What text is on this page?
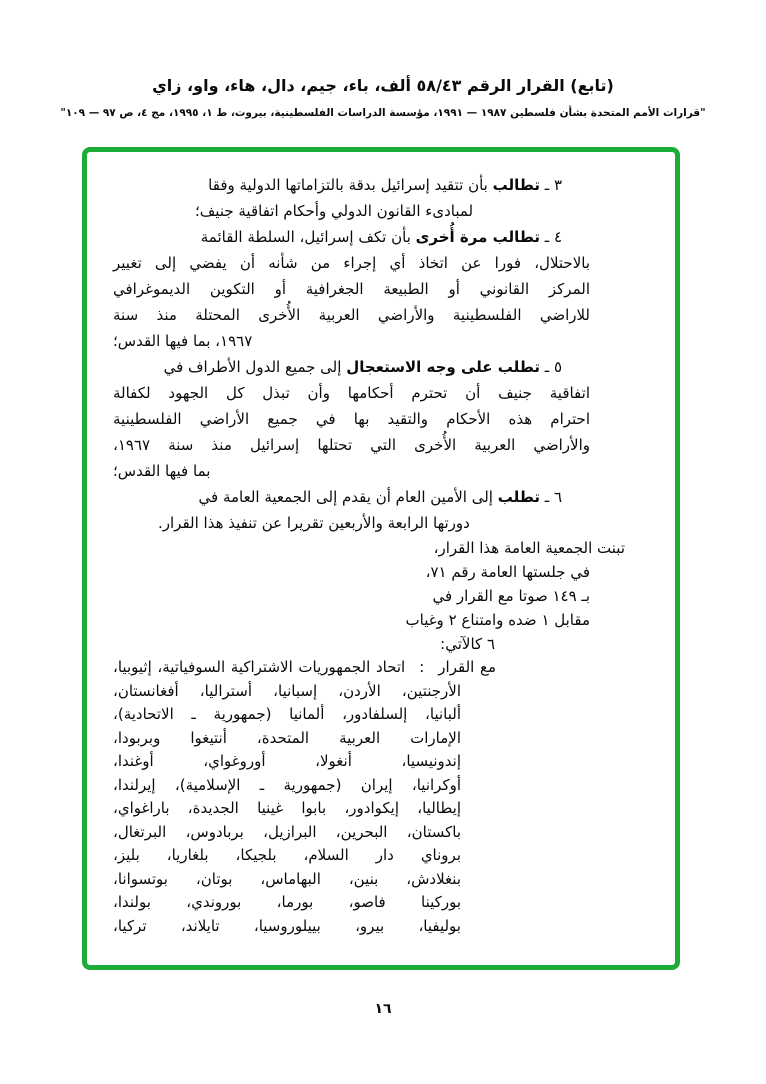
(تابع) القرار الرقم ٥٨/٤٣ ألف، باء، جيم، دال، هاء، واو، زاي
"قرارات الأمم المتحدة بشأن فلسطين ١٩٨٧ — ١٩٩١، مؤسسة الدراسات الفلسطينية، بيروت، ط ١، ١٩٩٥، مج ٤، ص ٩٧ — ١٠٩"
٣ ـ تطالب بأن تتقيد إسرائيل بدقة بالتزاماتها الدولية وفقا
لمبادىء القانون الدولي وأحكام اتفاقية جنيف؛
٤ ـ تطالب مرة أُخرى بأن تكف إسرائيل، السلطة القائمة
بالاحتلال، فورا عن اتخاذ أي إجراء من شأنه أن يفضي إلى تغيير
المركز القانوني أو الطبيعة الجغرافية أو التكوين الديموغرافي
للاراضي الفلسطينية والأراضي العربية الأُخرى المحتلة منذ سنة
١٩٦٧، بما فيها القدس؛
٥ ـ تطلب على وجه الاستعجال إلى جميع الدول الأطراف في
اتفاقية جنيف أن تحترم أحكامها وأن تبذل كل الجهود لكفالة
احترام هذه الأحكام والتقيد بها في جميع الأراضي الفلسطينية
والأراضي العربية الأُخرى التي تحتلها إسرائيل منذ سنة ١٩٦٧،
بما فيها القدس؛
٦ ـ تطلب إلى الأمين العام أن يقدم إلى الجمعية العامة في
دورتها الرابعة والأربعين تقريرا عن تنفيذ هذا القرار.
تبنت الجمعية العامة هذا القرار،
في جلستها العامة رقم ٧١،
بـ ١٤٩ صوتا مع القرار في
مقابل ١ ضده وامتناع ٢ وغياب
٦ كالآتي:
مع القرار:اتحاد الجمهوريات الاشتراكية السوفياتية، إثيوبيا،
الأرجنتين، الأردن، إسبانيا، أستراليا، أفغانستان،
ألبانيا، إلسلفادور، ألمانيا (جمهورية ـ الاتحادية)،
الإمارات العربية المتحدة، أنتيغوا وبربودا،
إندونيسيا، أنغولا، أوروغواي، أوغندا،
أوكرانيا، إيران (جمهورية ـ الإسلامية)، إيرلندا،
إيطاليا، إيكوادور، بابوا غينيا الجديدة، باراغواي،
باكستان، البحرين، البرازيل، بربادوس، البرتغال،
بروناي دار السلام، بلجيكا، بلغاريا، بليز،
بنغلادش، بنين، البهاماس، بوتان، بوتسوانا،
بوركينا فاصو، بورما، بوروندي، بولندا،
بوليفيا، بيرو، بييلوروسيا، تايلاند، تركيا،
١٦
